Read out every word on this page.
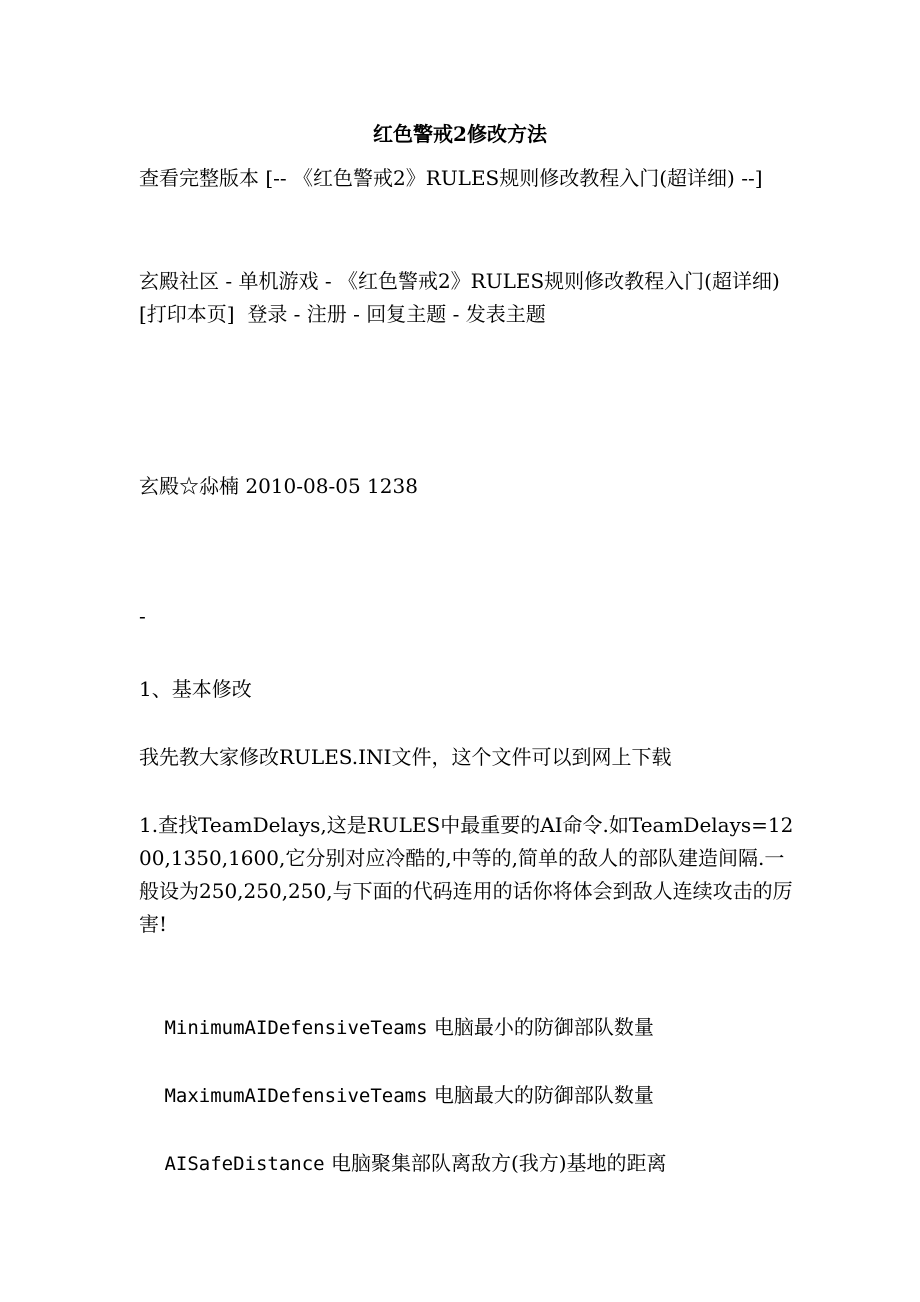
红色警戒2修改方法
查看完整版本 [-- 《红色警戒2》RULES规则修改教程入门(超详细) --]
玄殿社区 - 单机游戏 - 《红色警戒2》RULES规则修改教程入门(超详细) [打印本页]  登录 - 注册 - 回复主题 - 发表主题
玄殿☆尛楠 2010-08-05 1238
-
1、基本修改
我先教大家修改RULES.INI文件，这个文件可以到网上下载
1.查找TeamDelays,这是RULES中最重要的AI命令.如TeamDelays=1200,1350,1600,它分别对应冷酷的,中等的,简单的敌人的部队建造间隔.一般设为250,250,250,与下面的代码连用的话你将体会到敌人连续攻击的厉害!

MinimumAIDefensiveTeams 电脑最小的防御部队数量

MaximumAIDefensiveTeams 电脑最大的防御部队数量

AISafeDistance 电脑聚集部队离敌方(我方)基地的距离
